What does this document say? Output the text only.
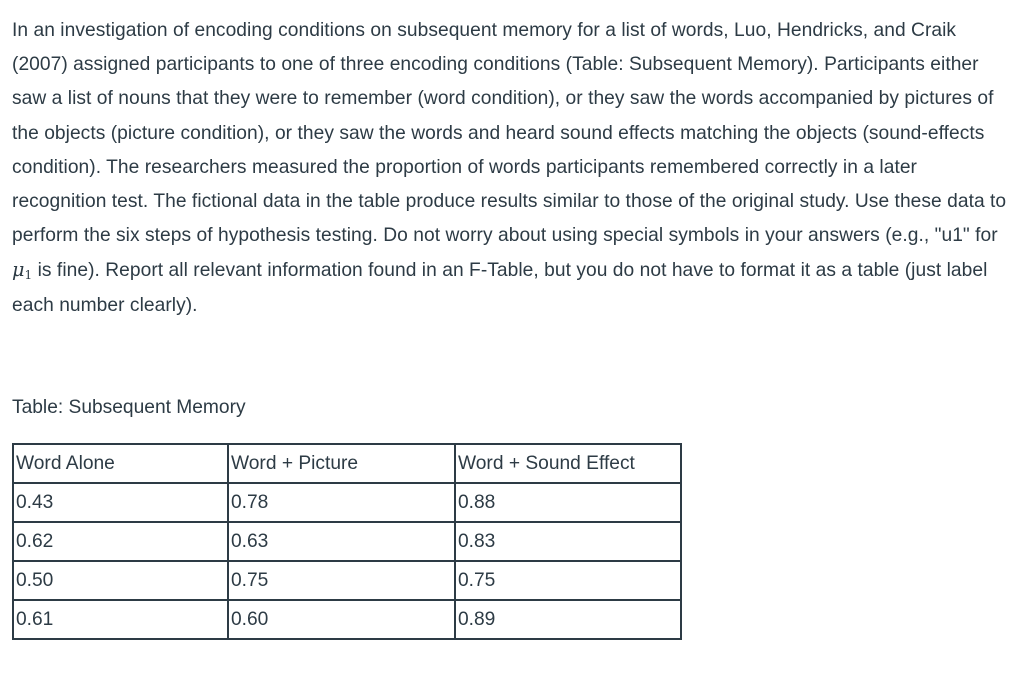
In an investigation of encoding conditions on subsequent memory for a list of words, Luo, Hendricks, and Craik (2007) assigned participants to one of three encoding conditions (Table: Subsequent Memory). Participants either saw a list of nouns that they were to remember (word condition), or they saw the words accompanied by pictures of the objects (picture condition), or they saw the words and heard sound effects matching the objects (sound-effects condition). The researchers measured the proportion of words participants remembered correctly in a later recognition test. The fictional data in the table produce results similar to those of the original study. Use these data to perform the six steps of hypothesis testing. Do not worry about using special symbols in your answers (e.g., "u1" for $\mu_1$ is fine). Report all relevant information found in an F-Table, but you do not have to format it as a table (just label each number clearly).

Table: Subsequent Memory

Word Alone	Word + Picture	Word + Sound Effect
0.43	0.78	0.88
0.62	0.63	0.83
0.50	0.75	0.75
0.61	0.60	0.89
